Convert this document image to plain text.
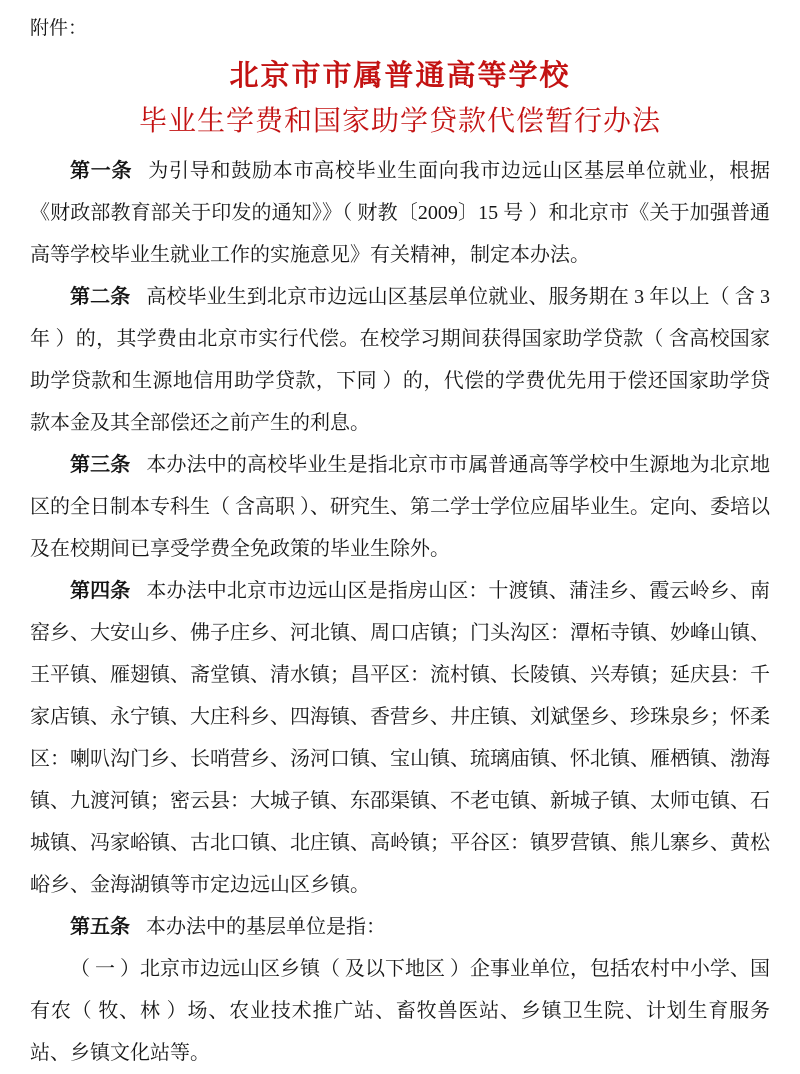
附件：
北京市市属普通高等学校
毕业生学费和国家助学贷款代偿暂行办法

第一条 为引导和鼓励本市高校毕业生面向我市边远山区基层单位就业，根据《财政部教育部关于印发的通知》》（ 财教〔2009〕15 号 ）和北京市《关于加强普通高等学校毕业生就业工作的实施意见》有关精神，制定本办法。

第二条 高校毕业生到北京市边远山区基层单位就业、服务期在 3 年以上（ 含 3 年 ）的，其学费由北京市实行代偿。在校学习期间获得国家助学贷款（ 含高校国家助学贷款和生源地信用助学贷款，下同 ）的，代偿的学费优先用于偿还国家助学贷款本金及其全部偿还之前产生的利息。

第三条 本办法中的高校毕业生是指北京市市属普通高等学校中生源地为北京地区的全日制本专科生（ 含高职 ）、研究生、第二学士学位应届毕业生。定向、委培以及在校期间已享受学费全免政策的毕业生除外。

第四条 本办法中北京市边远山区是指房山区：十渡镇、蒲洼乡、霞云岭乡、南窑乡、大安山乡、佛子庄乡、河北镇、周口店镇；门头沟区：潭柘寺镇、妙峰山镇、王平镇、雁翅镇、斋堂镇、清水镇；昌平区：流村镇、长陵镇、兴寿镇；延庆县：千家店镇、永宁镇、大庄科乡、四海镇、香营乡、井庄镇、刘斌堡乡、珍珠泉乡；怀柔区：喇叭沟门乡、长哨营乡、汤河口镇、宝山镇、琉璃庙镇、怀北镇、雁栖镇、渤海镇、九渡河镇；密云县：大城子镇、东邵渠镇、不老屯镇、新城子镇、太师屯镇、石城镇、冯家峪镇、古北口镇、北庄镇、高岭镇；平谷区：镇罗营镇、熊儿寨乡、黄松峪乡、金海湖镇等市定边远山区乡镇。

第五条 本办法中的基层单位是指：

（ 一 ）北京市边远山区乡镇（ 及以下地区 ）企事业单位，包括农村中小学、国有农（ 牧、林 ）场、农业技术推广站、畜牧兽医站、乡镇卫生院、计划生育服务站、乡镇文化站等。
